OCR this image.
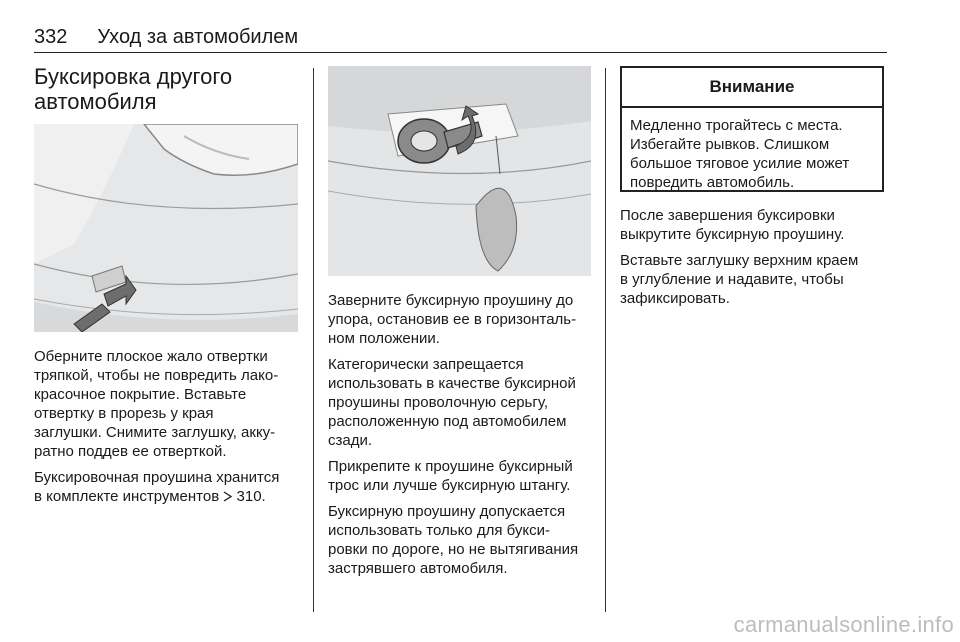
332 Уход за автомобилем
Буксировка другого
автомобиля

Оберните плоское жало отвертки
тряпкой, чтобы не повредить лако-
красочное покрытие. Вставьте
отвертку в прорезь у края
заглушки. Снимите заглушку, акку-
ратно поддев ее отверткой.

Буксировочная проушина хранится
в комплекте инструментов 310.

Заверните буксирную проушину до
упора, остановив ее в горизонталь-
ном положении.

Категорически запрещается
использовать в качестве буксирной
проушины проволочную серьгу,
расположенную под автомобилем
сзади.

Прикрепите к проушине буксирный
трос или лучше буксирную штангу.

Буксирную проушину допускается
использовать только для букси-
ровки по дороге, но не вытягивания
застрявшего автомобиля.

Внимание
Медленно трогайтесь с места.
Избегайте рывков. Слишком
большое тяговое усилие может
повредить автомобиль.

После завершения буксировки
выкрутите буксирную проушину.

Вставьте заглушку верхним краем
в углубление и надавите, чтобы
зафиксировать.

carmanualsonline.info
